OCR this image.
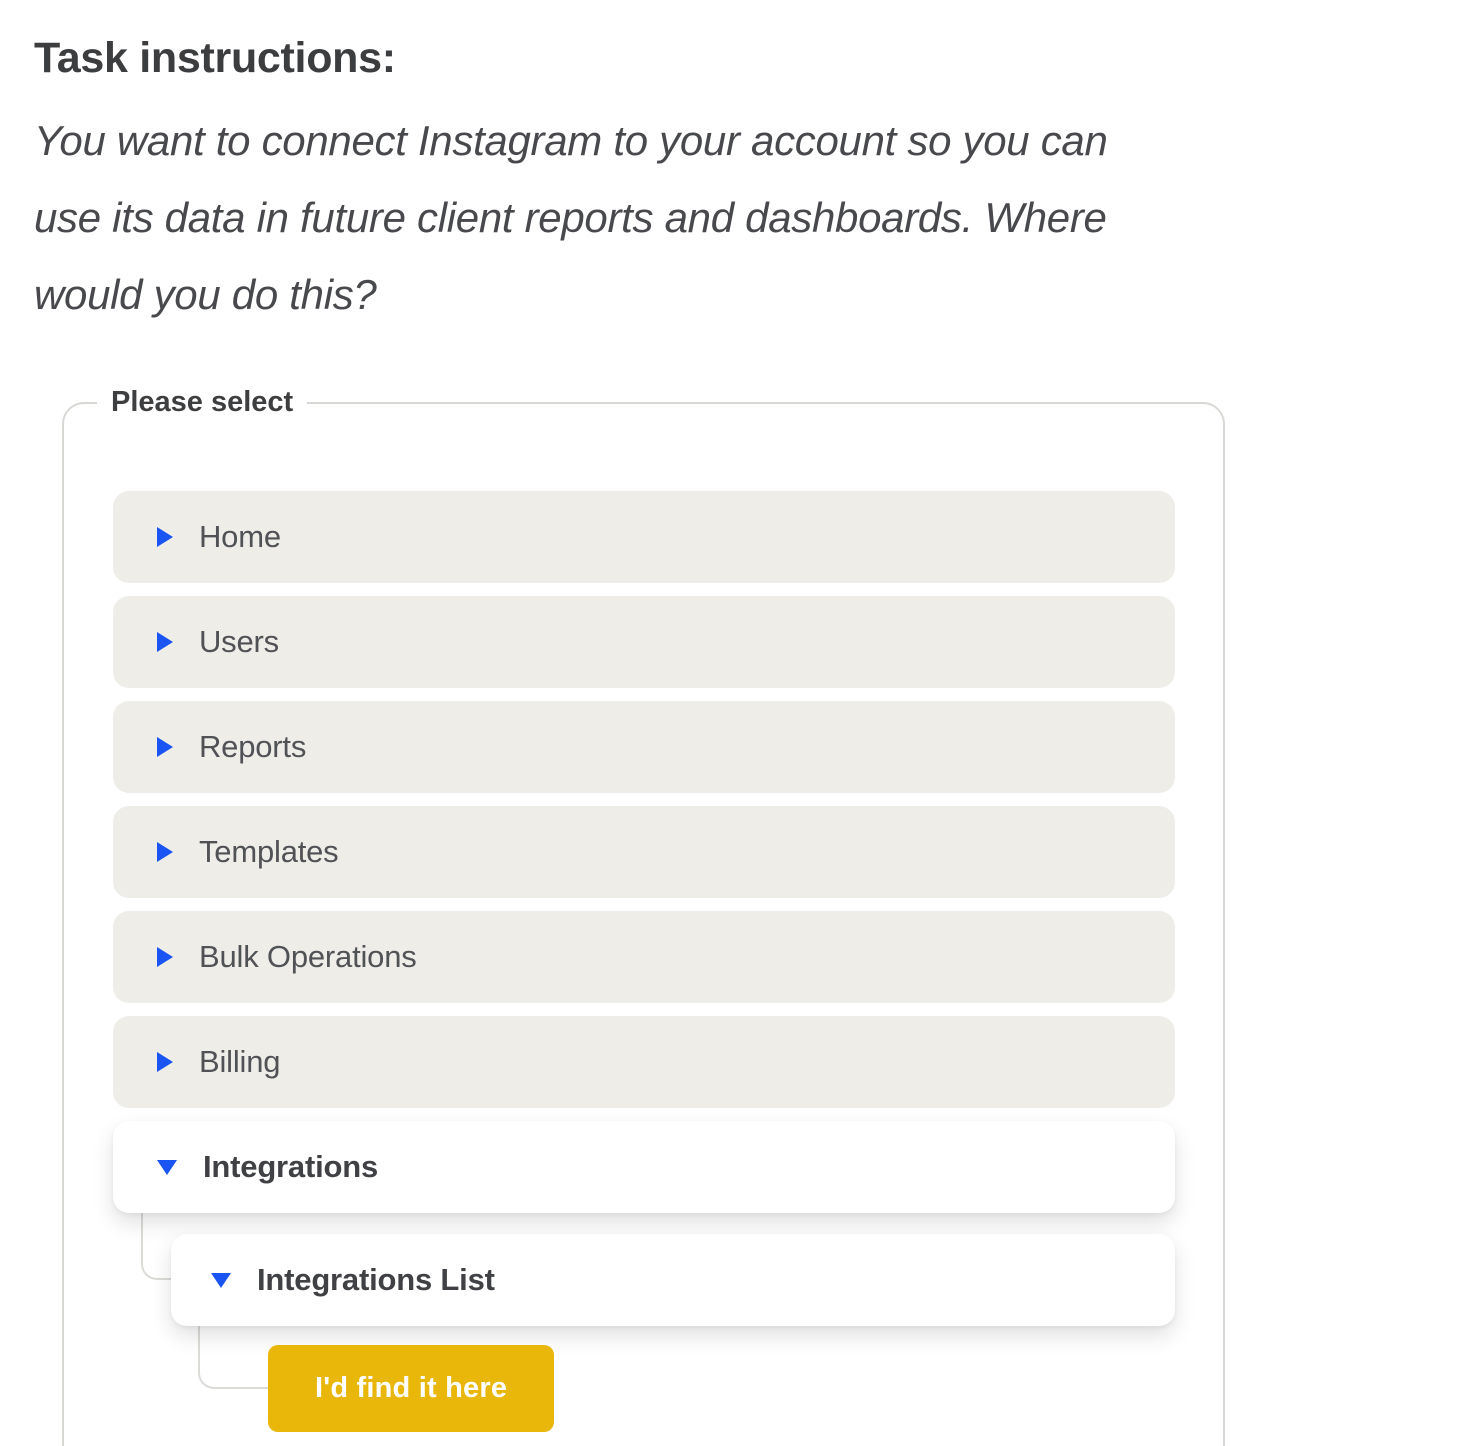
Task instructions:
You want to connect Instagram to your account so you can
use its data in future client reports and dashboards. Where
would you do this?
Please select
Home
Users
Reports
Templates
Bulk Operations
Billing
Integrations
Integrations List
I'd find it here
